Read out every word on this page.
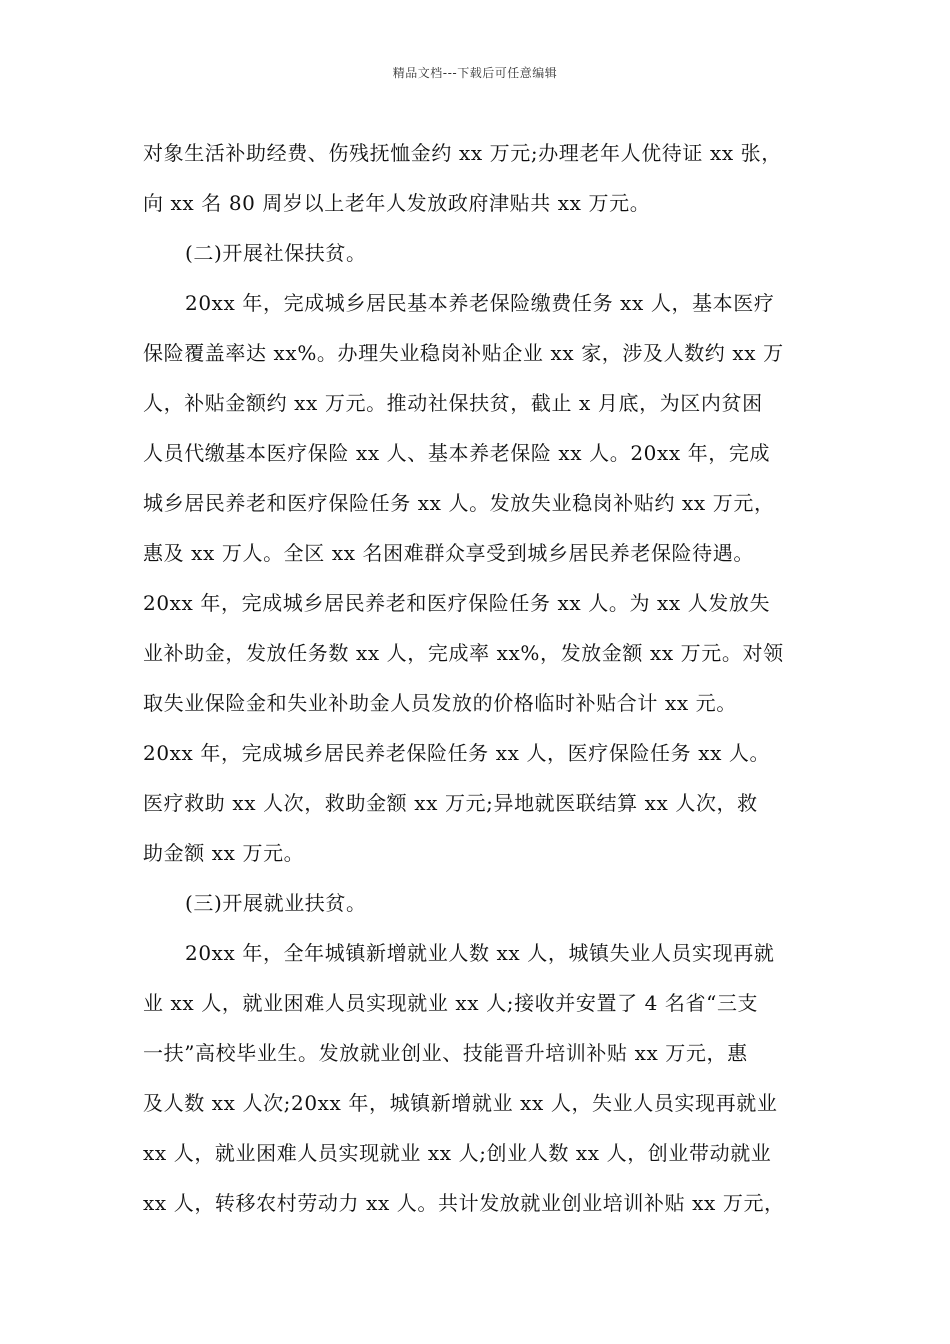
精品文档---下载后可任意编辑
对象生活补助经费、伤残抚恤金约 xx 万元;办理老年人优待证 xx 张，
向 xx 名 80 周岁以上老年人发放政府津贴共 xx 万元。
(二)开展社保扶贫。
20xx 年，完成城乡居民基本养老保险缴费任务 xx 人，基本医疗
保险覆盖率达 xx%。办理失业稳岗补贴企业 xx 家，涉及人数约 xx 万
人，补贴金额约 xx 万元。推动社保扶贫，截止 x 月底，为区内贫困
人员代缴基本医疗保险 xx 人、基本养老保险 xx 人。20xx 年，完成
城乡居民养老和医疗保险任务 xx 人。发放失业稳岗补贴约 xx 万元，
惠及 xx 万人。全区 xx 名困难群众享受到城乡居民养老保险待遇。
20xx 年，完成城乡居民养老和医疗保险任务 xx 人。为 xx 人发放失
业补助金，发放任务数 xx 人，完成率 xx%，发放金额 xx 万元。对领
取失业保险金和失业补助金人员发放的价格临时补贴合计 xx 元。
20xx 年，完成城乡居民养老保险任务 xx 人，医疗保险任务 xx 人。
医疗救助 xx 人次，救助金额 xx 万元;异地就医联结算 xx 人次，救
助金额 xx 万元。
(三)开展就业扶贫。
20xx 年，全年城镇新增就业人数 xx 人，城镇失业人员实现再就
业 xx 人，就业困难人员实现就业 xx 人;接收并安置了 4 名省“三支
一扶”高校毕业生。发放就业创业、技能晋升培训补贴 xx 万元，惠
及人数 xx 人次;20xx 年，城镇新增就业 xx 人，失业人员实现再就业
xx 人，就业困难人员实现就业 xx 人;创业人数 xx 人，创业带动就业
xx 人，转移农村劳动力 xx 人。共计发放就业创业培训补贴 xx 万元，
